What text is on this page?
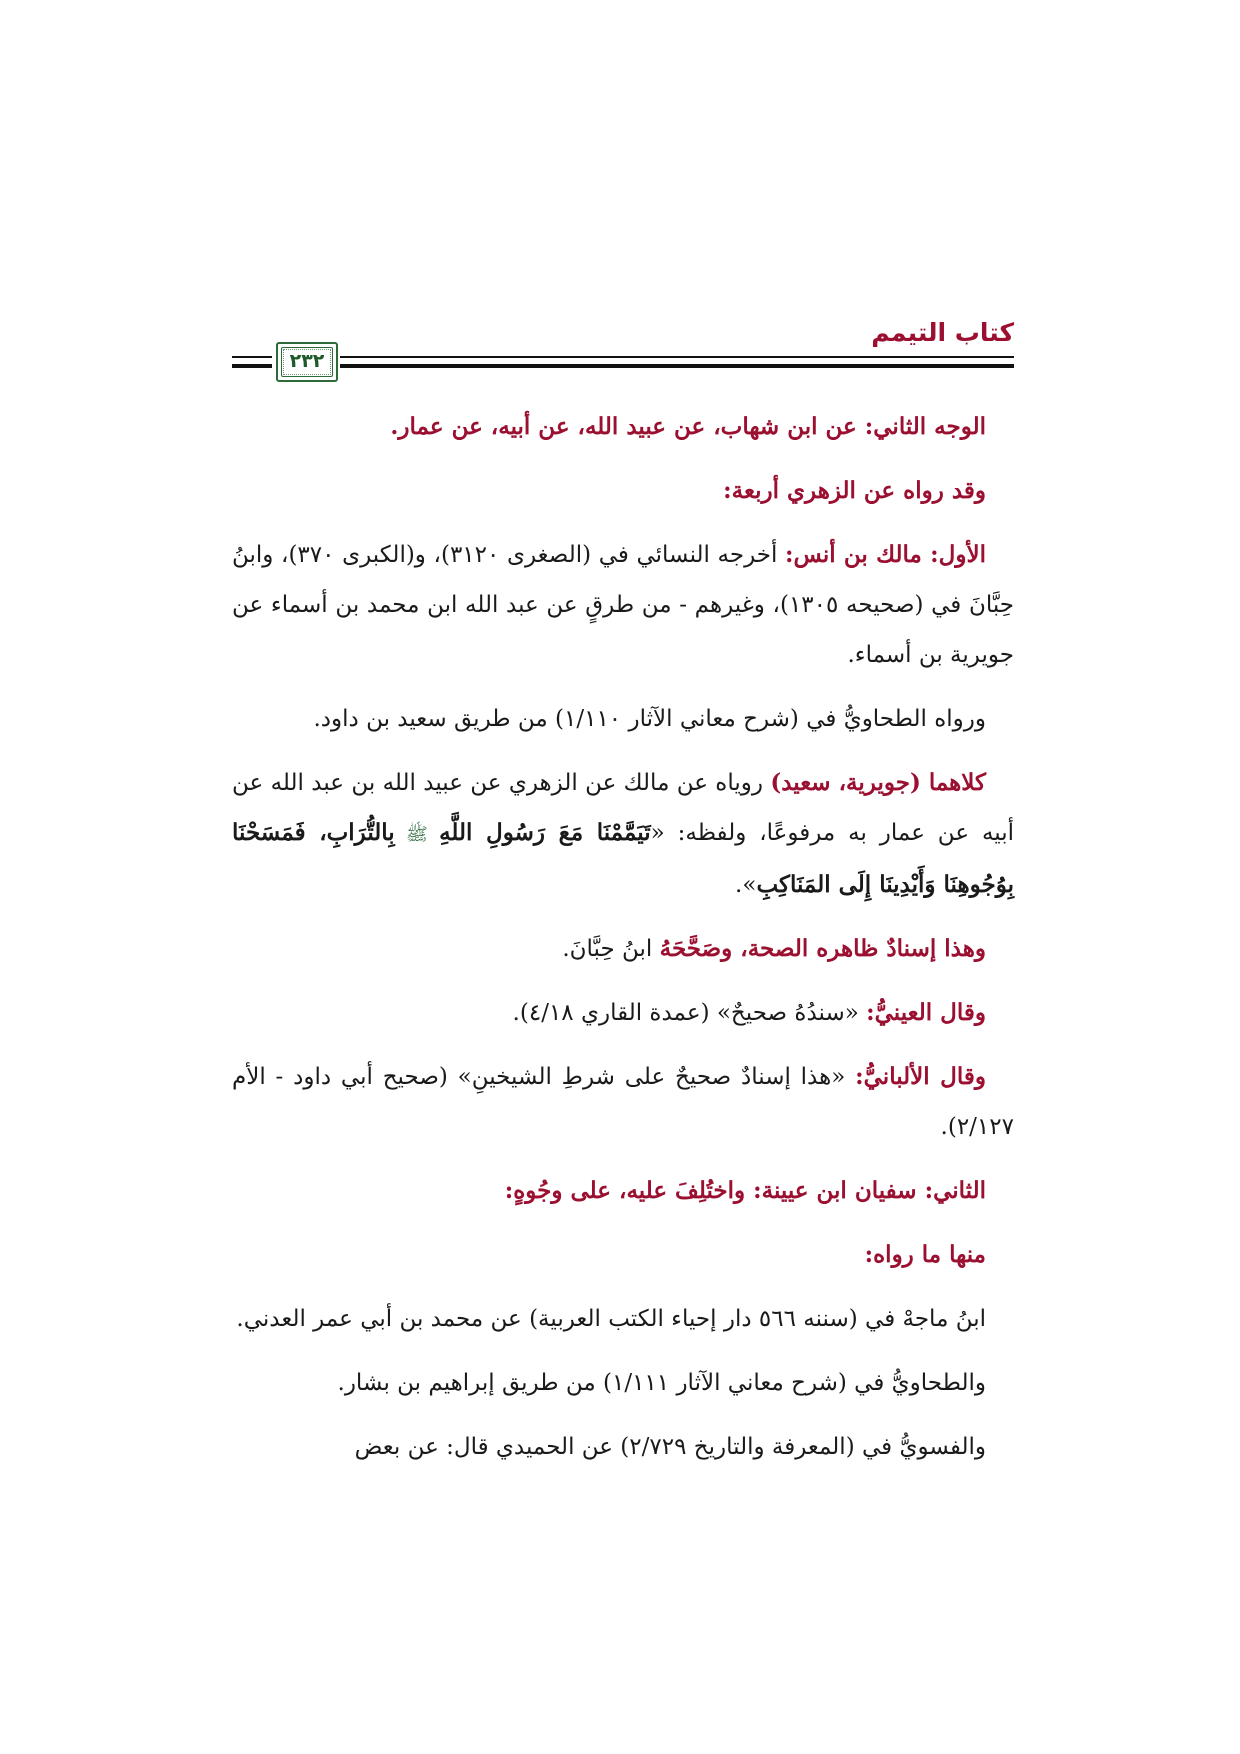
كتاب التيمم
٢٣٢

الوجه الثاني: عن ابن شهاب، عن عبيد الله، عن أبيه، عن عمار.

وقد رواه عن الزهري أربعة:

الأول: مالك بن أنس: أخرجه النسائي في (الصغرى ٣١٢٠)، و(الكبرى ٣٧٠)، وابنُ حِبَّانَ في (صحيحه ١٣٠٥)، وغيرهم - من طرقٍ عن عبد الله ابن محمد بن أسماء عن جويرية بن أسماء.

ورواه الطحاويُّ في (شرح معاني الآثار ١/١١٠) من طريق سعيد بن داود.

كلاهما (جويرية، سعيد) روياه عن مالك عن الزهري عن عبيد الله بن عبد الله عن أبيه عن عمار به مرفوعًا، ولفظه: «تَيَمَّمْنَا مَعَ رَسُولِ اللَّهِ ﷺ بِالتُّرَابِ، فَمَسَحْنَا بِوُجُوهِنَا وَأَيْدِينَا إِلَى المَنَاكِبِ».

وهذا إسنادٌ ظاهره الصحة، وصَحَّحَهُ ابنُ حِبَّانَ.

وقال العينيُّ: «سندُهُ صحيحٌ» (عمدة القاري ٤/١٨).

وقال الألبانيُّ: «هذا إسنادٌ صحيحٌ على شرطِ الشيخينِ» (صحيح أبي داود - الأم ٢/١٢٧).

الثاني: سفيان ابن عيينة: واختُلِفَ عليه، على وجُوهٍ:

منها ما رواه:

ابنُ ماجهْ في (سننه ٥٦٦ دار إحياء الكتب العربية) عن محمد بن أبي عمر العدني.

والطحاويُّ في (شرح معاني الآثار ١/١١١) من طريق إبراهيم بن بشار.

والفسويُّ في (المعرفة والتاريخ ٢/٧٢٩) عن الحميدي قال: عن بعض
